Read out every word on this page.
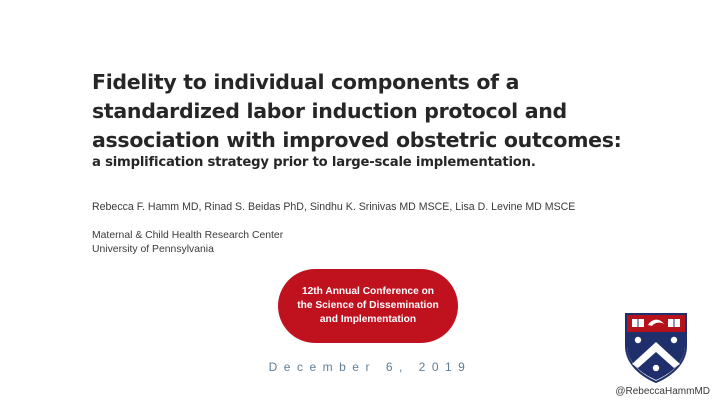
Fidelity to individual components of a
standardized labor induction protocol and
association with improved obstetric outcomes:
a simplification strategy prior to large-scale implementation.
Rebecca F. Hamm MD, Rinad S. Beidas PhD, Sindhu K. Srinivas MD MSCE, Lisa D. Levine MD MSCE
Maternal & Child Health Research Center
University of Pennsylvania
12th Annual Conference on
the Science of Dissemination
and Implementation
December 6, 2019
@RebeccaHammMD
